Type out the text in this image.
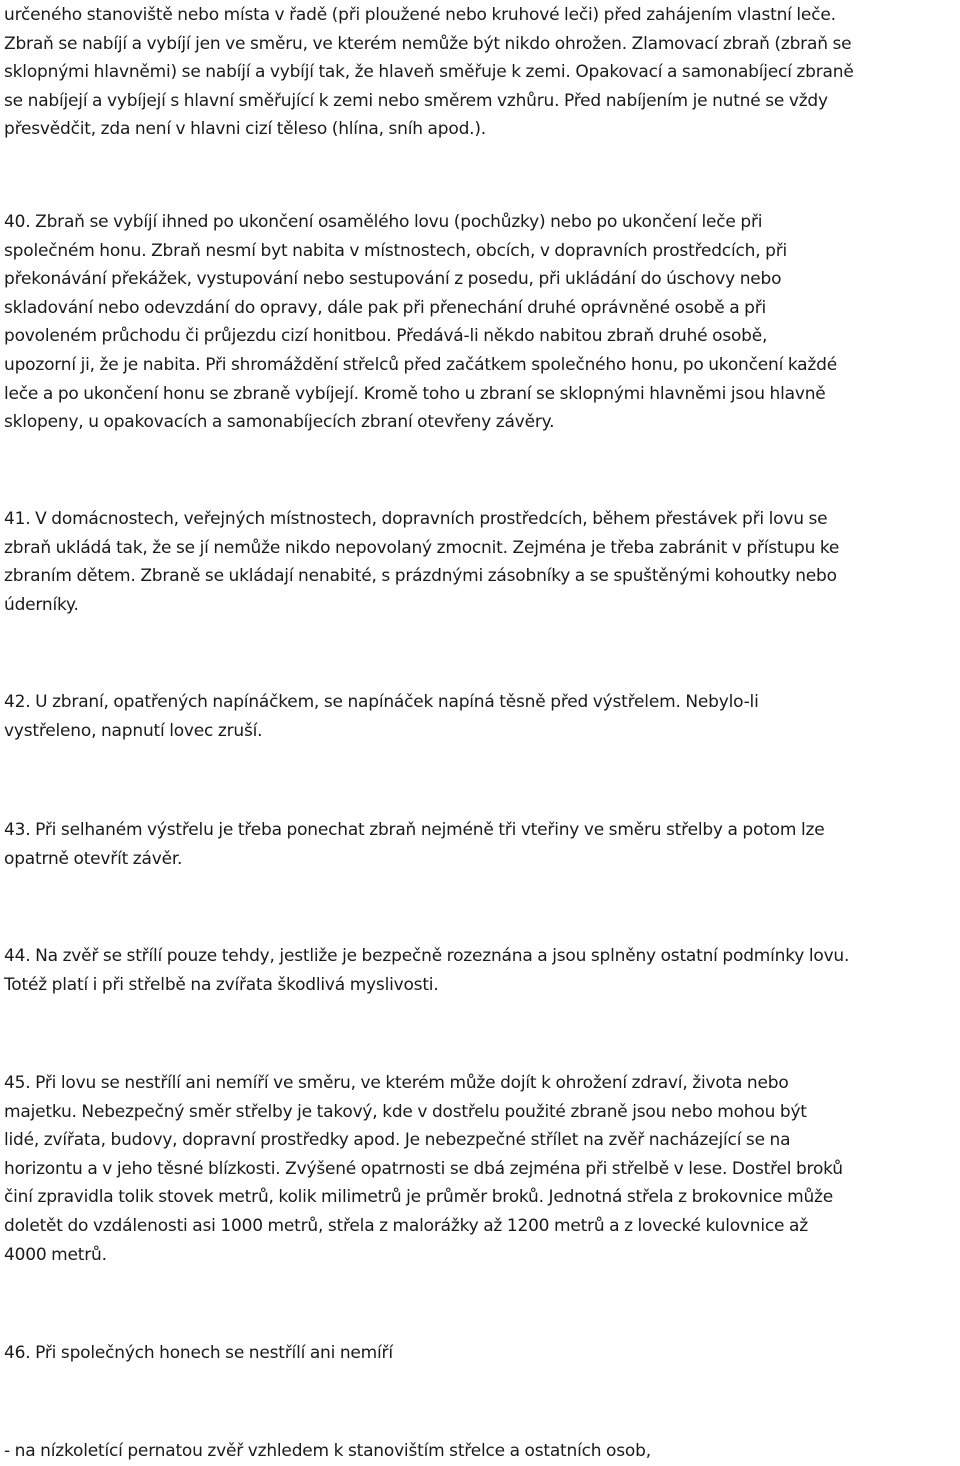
určeného stanoviště nebo místa v řadě (při ploužené nebo kruhové leči) před zahájením vlastní leče.
Zbraň se nabíjí a vybíjí jen ve směru, ve kterém nemůže být nikdo ohrožen. Zlamovací zbraň (zbraň se
sklopnými hlavněmi) se nabíjí a vybíjí tak, že hlaveň směřuje k zemi. Opakovací a samonabíjecí zbraně
se nabíjejí a vybíjejí s hlavní směřující k zemi nebo směrem vzhůru. Před nabíjením je nutné se vždy
přesvědčit, zda není v hlavni cizí těleso (hlína, sníh apod.).

40. Zbraň se vybíjí ihned po ukončení osamělého lovu (pochůzky) nebo po ukončení leče při
společném honu. Zbraň nesmí byt nabita v místnostech, obcích, v dopravních prostředcích, při
překonávání překážek, vystupování nebo sestupování z posedu, při ukládání do úschovy nebo
skladování nebo odevzdání do opravy, dále pak při přenechání druhé oprávněné osobě a při
povoleném průchodu či průjezdu cizí honitbou. Předává-li někdo nabitou zbraň druhé osobě,
upozorní ji, že je nabita. Při shromáždění střelců před začátkem společného honu, po ukončení každé
leče a po ukončení honu se zbraně vybíjejí. Kromě toho u zbraní se sklopnými hlavněmi jsou hlavně
sklopeny, u opakovacích a samonabíjecích zbraní otevřeny závěry.

41. V domácnostech, veřejných místnostech, dopravních prostředcích, během přestávek při lovu se
zbraň ukládá tak, že se jí nemůže nikdo nepovolaný zmocnit. Zejména je třeba zabránit v přístupu ke
zbraním dětem. Zbraně se ukládají nenabité, s prázdnými zásobníky a se spuštěnými kohoutky nebo
úderníky.

42. U zbraní, opatřených napínáčkem, se napínáček napíná těsně před výstřelem. Nebylo-li
vystřeleno, napnutí lovec zruší.

43. Při selhaném výstřelu je třeba ponechat zbraň nejméně tři vteřiny ve směru střelby a potom lze
opatrně otevřít závěr.

44. Na zvěř se střílí pouze tehdy, jestliže je bezpečně rozeznána a jsou splněny ostatní podmínky lovu.
Totéž platí i při střelbě na zvířata škodlivá myslivosti.

45. Při lovu se nestřílí ani nemíří ve směru, ve kterém může dojít k ohrožení zdraví, života nebo
majetku. Nebezpečný směr střelby je takový, kde v dostřelu použité zbraně jsou nebo mohou být
lidé, zvířata, budovy, dopravní prostředky apod. Je nebezpečné střílet na zvěř nacházející se na
horizontu a v jeho těsné blízkosti. Zvýšené opatrnosti se dbá zejména při střelbě v lese. Dostřel broků
činí zpravidla tolik stovek metrů, kolik milimetrů je průměr broků. Jednotná střela z brokovnice může
doletět do vzdálenosti asi 1000 metrů, střela z malorážky až 1200 metrů a z lovecké kulovnice až
4000 metrů.

46. Při společných honech se nestřílí ani nemíří

- na nízkoletící pernatou zvěř vzhledem k stanovištím střelce a ostatních osob,
